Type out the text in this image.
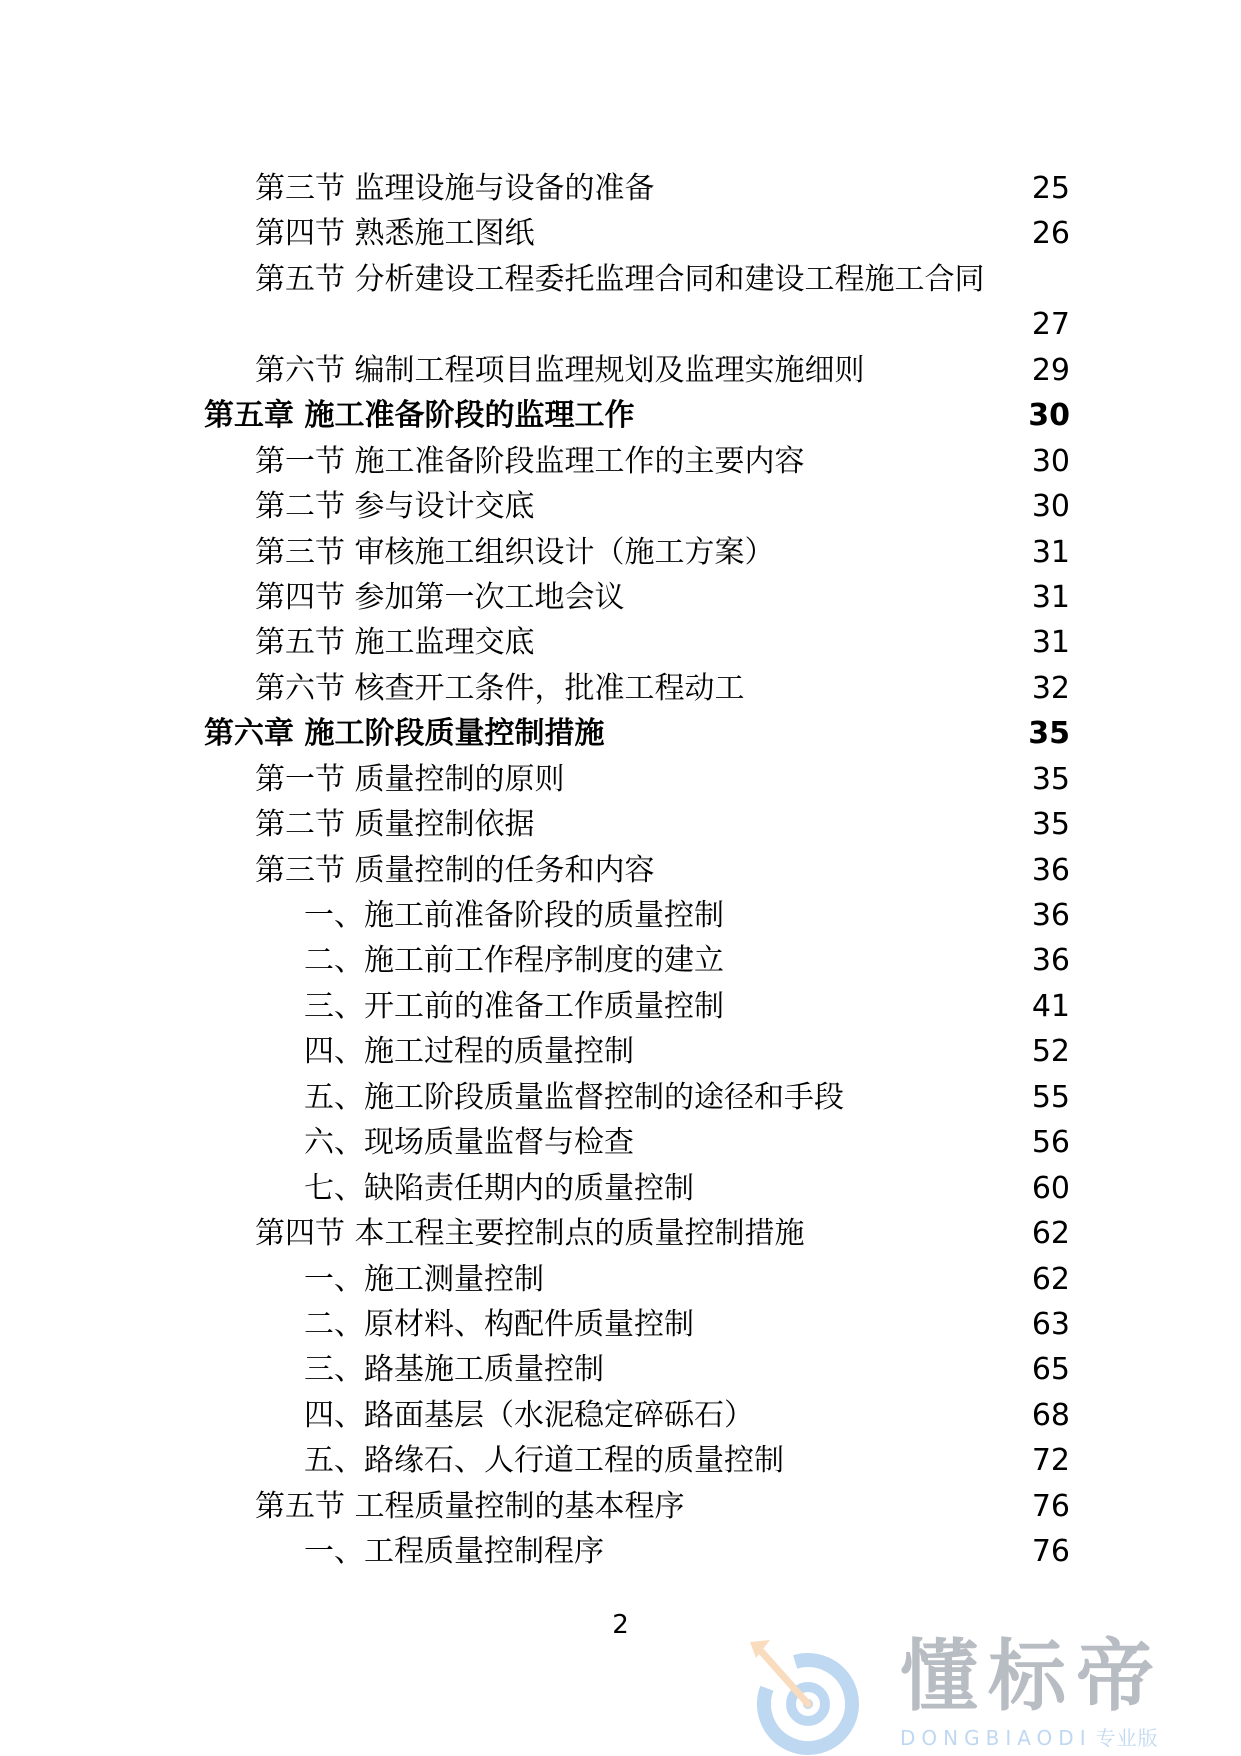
第三节 监理设施与设备的准备	25
第四节 熟悉施工图纸	26
第五节 分析建设工程委托监理合同和建设工程施工合同
27
第六节 编制工程项目监理规划及监理实施细则	29
第五章 施工准备阶段的监理工作	30
第一节 施工准备阶段监理工作的主要内容	30
第二节 参与设计交底	30
第三节 审核施工组织设计（施工方案）	31
第四节 参加第一次工地会议	31
第五节 施工监理交底	31
第六节 核查开工条件，批准工程动工	32
第六章 施工阶段质量控制措施	35
第一节 质量控制的原则	35
第二节 质量控制依据	35
第三节 质量控制的任务和内容	36
一、施工前准备阶段的质量控制	36
二、施工前工作程序制度的建立	36
三、开工前的准备工作质量控制	41
四、施工过程的质量控制	52
五、施工阶段质量监督控制的途径和手段	55
六、现场质量监督与检查	56
七、缺陷责任期内的质量控制	60
第四节 本工程主要控制点的质量控制措施	62
一、施工测量控制	62
二、原材料、构配件质量控制	63
三、路基施工质量控制	65
四、路面基层（水泥稳定碎砾石）	68
五、路缘石、人行道工程的质量控制	72
第五节 工程质量控制的基本程序	76
一、工程质量控制程序	76
2
懂标帝
DONGBIAODI 专业版
